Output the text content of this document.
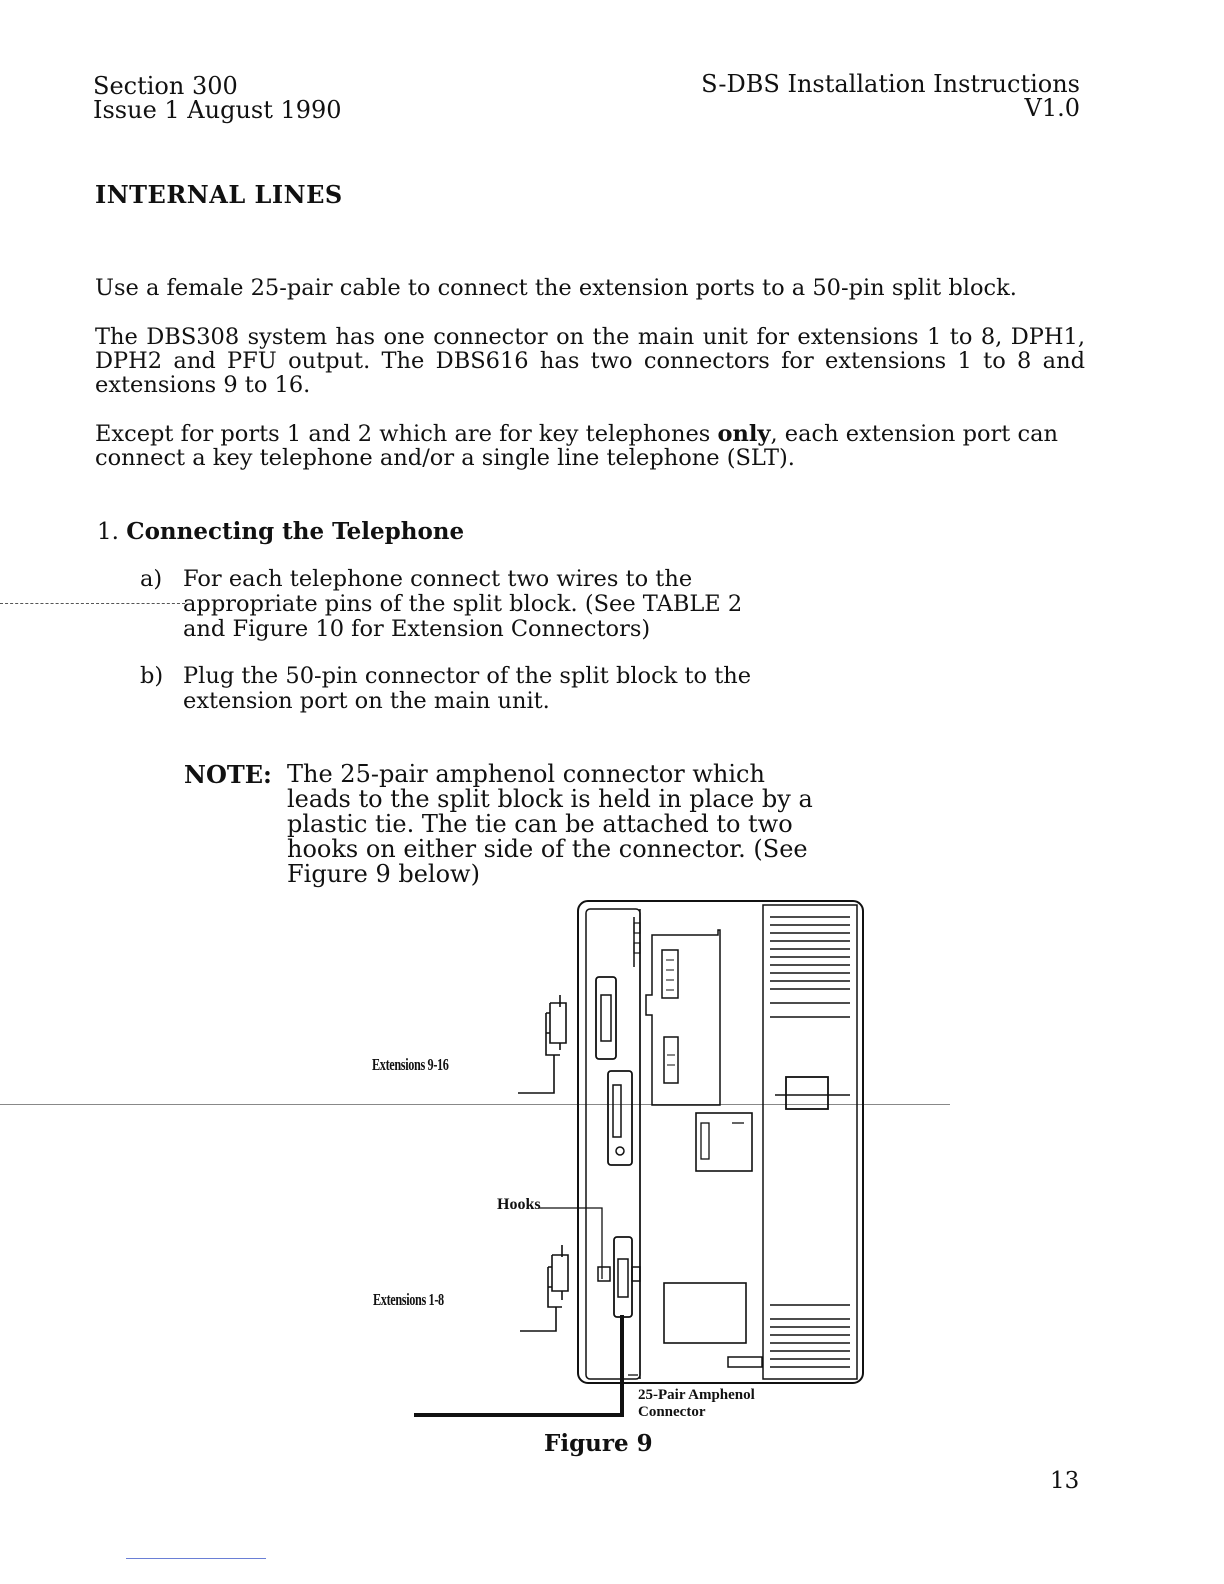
Section 300
Issue 1 August 1990
S-DBS Installation Instructions
V1.0
INTERNAL LINES
Use a female 25-pair cable to connect the extension ports to a 50-pin split block.
The DBS308 system has one connector on the main unit for extensions 1 to 8, DPH1, DPH2 and PFU output. The DBS616 has two connectors for extensions 1 to 8 and extensions 9 to 16.
Except for ports 1 and 2 which are for key telephones only, each extension port can connect a key telephone and/or a single line telephone (SLT).
1. Connecting the Telephone
a) For each telephone connect two wires to the appropriate pins of the split block. (See TABLE 2 and Figure 10 for Extension Connectors)
b) Plug the 50-pin connector of the split block to the extension port on the main unit.
NOTE: The 25-pair amphenol connector which leads to the split block is held in place by a plastic tie. The tie can be attached to two hooks on either side of the connector. (See Figure 9 below)
Extensions 9-16
Hooks
Extensions 1-8
25-Pair Amphenol
Connector
Figure 9
13
